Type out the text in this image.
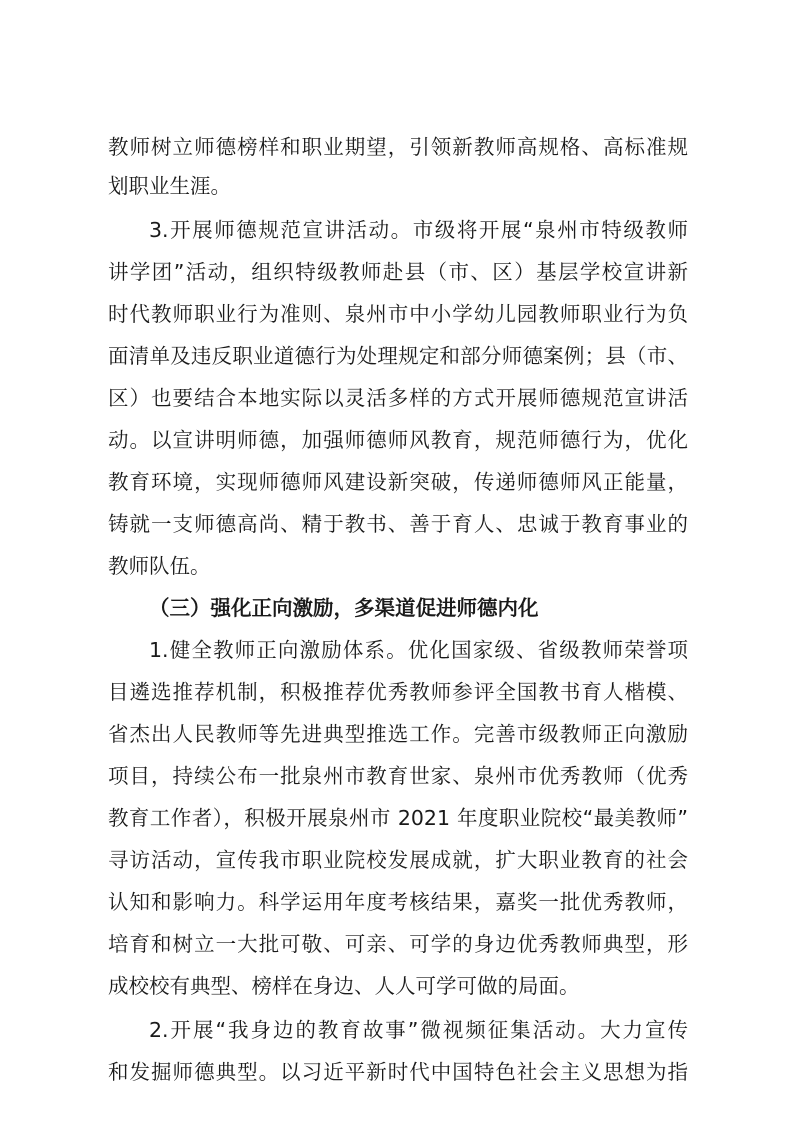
教师树立师德榜样和职业期望，引领新教师高规格、高标准规
划职业生涯。
3.开展师德规范宣讲活动。市级将开展“泉州市特级教师
讲学团”活动，组织特级教师赴县（市、区）基层学校宣讲新
时代教师职业行为准则、泉州市中小学幼儿园教师职业行为负
面清单及违反职业道德行为处理规定和部分师德案例；县（市、
区）也要结合本地实际以灵活多样的方式开展师德规范宣讲活
动。以宣讲明师德，加强师德师风教育，规范师德行为，优化
教育环境，实现师德师风建设新突破，传递师德师风正能量，
铸就一支师德高尚、精于教书、善于育人、忠诚于教育事业的
教师队伍。
（三）强化正向激励，多渠道促进师德内化
1.健全教师正向激励体系。优化国家级、省级教师荣誉项
目遴选推荐机制，积极推荐优秀教师参评全国教书育人楷模、
省杰出人民教师等先进典型推选工作。完善市级教师正向激励
项目，持续公布一批泉州市教育世家、泉州市优秀教师（优秀
教育工作者），积极开展泉州市 2021 年度职业院校“最美教师”
寻访活动，宣传我市职业院校发展成就，扩大职业教育的社会
认知和影响力。科学运用年度考核结果，嘉奖一批优秀教师，
培育和树立一大批可敬、可亲、可学的身边优秀教师典型，形
成校校有典型、榜样在身边、人人可学可做的局面。
2.开展“我身边的教育故事”微视频征集活动。大力宣传
和发掘师德典型。以习近平新时代中国特色社会主义思想为指
